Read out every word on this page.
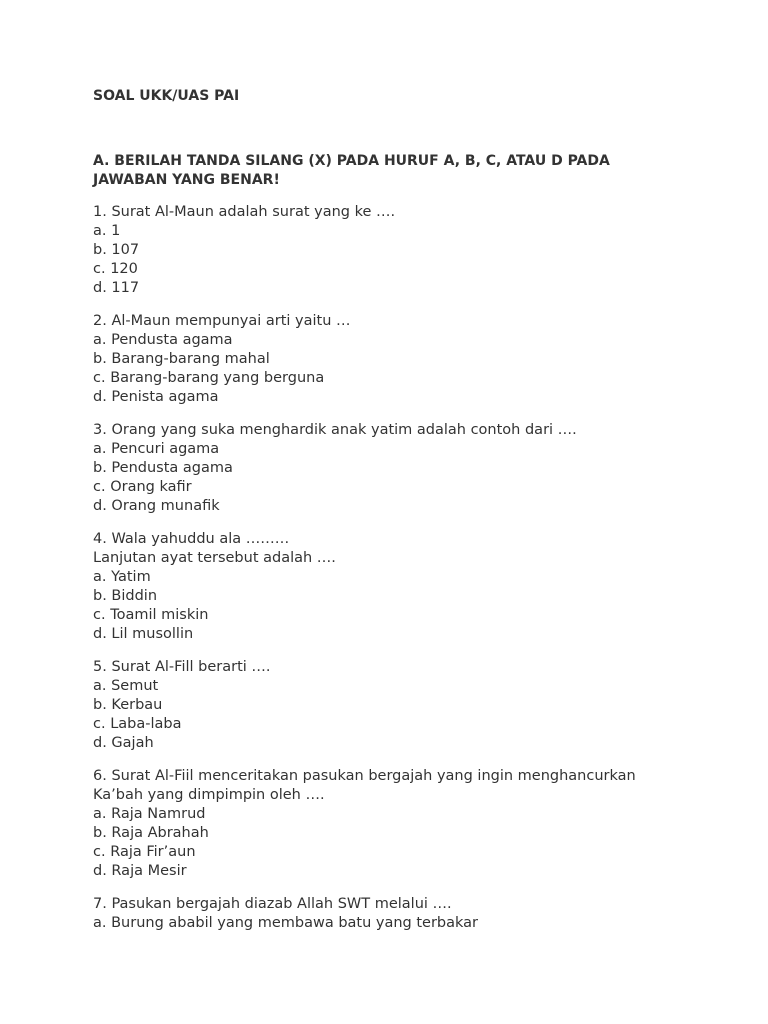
SOAL UKK/UAS PAI

A. BERILAH TANDA SILANG (X) PADA HURUF A, B, C, ATAU D PADA JAWABAN YANG BENAR!

1. Surat Al-Maun adalah surat yang ke ….
a. 1
b. 107
c. 120
d. 117
2. Al-Maun mempunyai arti yaitu …
a. Pendusta agama
b. Barang-barang mahal
c. Barang-barang yang berguna
d. Penista agama
3. Orang yang suka menghardik anak yatim adalah contoh dari ….
a. Pencuri agama
b. Pendusta agama
c. Orang kafir
d. Orang munafik
4. Wala yahuddu ala ………
Lanjutan ayat tersebut adalah ….
a. Yatim
b. Biddin
c. Toamil miskin
d. Lil musollin
5. Surat Al-Fill berarti ….
a. Semut
b. Kerbau
c. Laba-laba
d. Gajah
6. Surat Al-Fiil menceritakan pasukan bergajah yang ingin menghancurkan Ka’bah yang dimpimpin oleh ….
a. Raja Namrud
b. Raja Abrahah
c. Raja Fir’aun
d. Raja Mesir
7. Pasukan bergajah diazab Allah SWT melalui ….
a. Burung ababil yang membawa batu yang terbakar
